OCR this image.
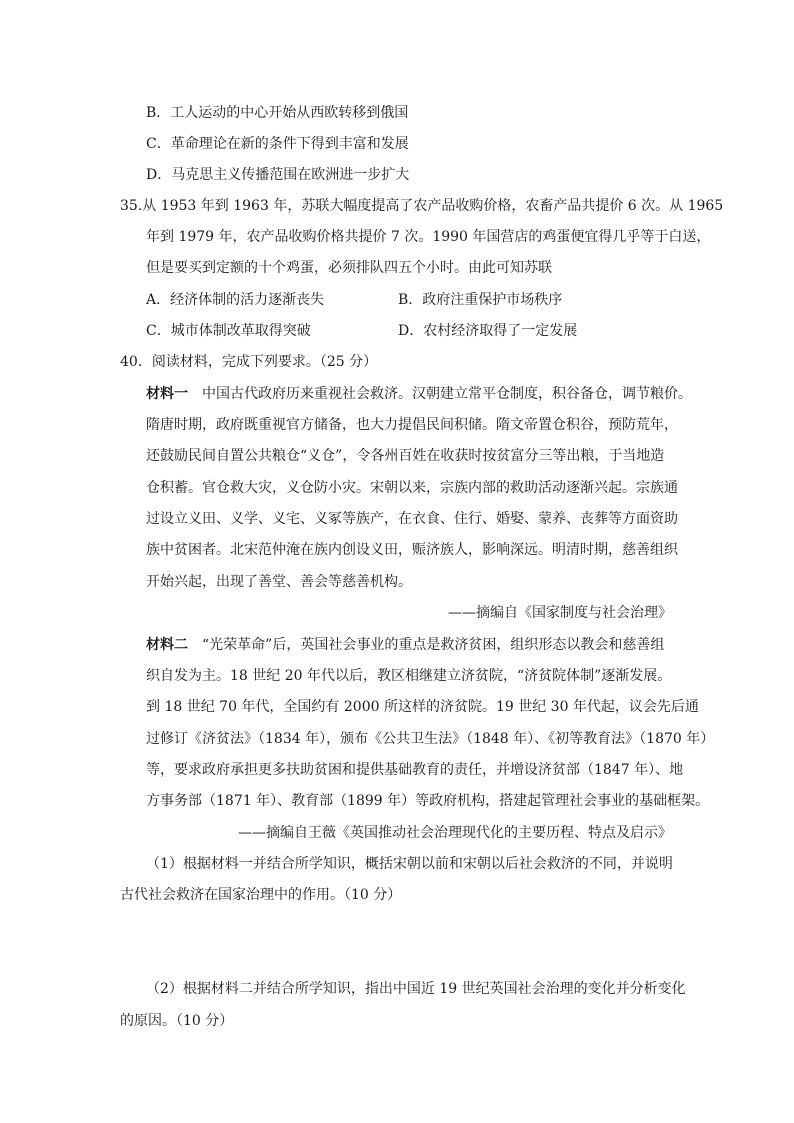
B．工人运动的中心开始从西欧转移到俄国
C．革命理论在新的条件下得到丰富和发展
D．马克思主义传播范围在欧洲进一步扩大
35.从 1953 年到 1963 年，苏联大幅度提高了农产品收购价格，农畜产品共提价 6 次。从 1965
年到 1979 年，农产品收购价格共提价 7 次。1990 年国营店的鸡蛋便宜得几乎等于白送，
但是要买到定额的十个鸡蛋，必须排队四五个小时。由此可知苏联
A．经济体制的活力逐渐丧失	B．政府注重保护市场秩序
C．城市体制改革取得突破	D．农村经济取得了一定发展
40．阅读材料，完成下列要求。（25 分）
材料一 中国古代政府历来重视社会救济。汉朝建立常平仓制度，积谷备仓，调节粮价。
隋唐时期，政府既重视官方储备，也大力提倡民间积储。隋文帝置仓积谷，预防荒年，
还鼓励民间自置公共粮仓“义仓”，令各州百姓在收获时按贫富分三等出粮，于当地造
仓积蓄。官仓救大灾，义仓防小灾。宋朝以来，宗族内部的救助活动逐渐兴起。宗族通
过设立义田、义学、义宅、义冢等族产，在衣食、住行、婚娶、蒙养、丧葬等方面资助
族中贫困者。北宋范仲淹在族内创设义田，赈济族人，影响深远。明清时期，慈善组织
开始兴起，出现了善堂、善会等慈善机构。
——摘编自《国家制度与社会治理》
材料二 “光荣革命”后，英国社会事业的重点是救济贫困，组织形态以教会和慈善组
织自发为主。18 世纪 20 年代以后，教区相继建立济贫院，“济贫院体制”逐渐发展。
到 18 世纪 70 年代，全国约有 2000 所这样的济贫院。19 世纪 30 年代起，议会先后通
过修订《济贫法》（1834 年），颁布《公共卫生法》（1848 年）、《初等教育法》（1870 年）
等，要求政府承担更多扶助贫困和提供基础教育的责任，并增设济贫部（1847 年）、地
方事务部（1871 年）、教育部（1899 年）等政府机构，搭建起管理社会事业的基础框架。
——摘编自王薇《英国推动社会治理现代化的主要历程、特点及启示》
（1）根据材料一并结合所学知识，概括宋朝以前和宋朝以后社会救济的不同，并说明
古代社会救济在国家治理中的作用。（10 分）
（2）根据材料二并结合所学知识，指出中国近 19 世纪英国社会治理的变化并分析变化
的原因。（10 分）
